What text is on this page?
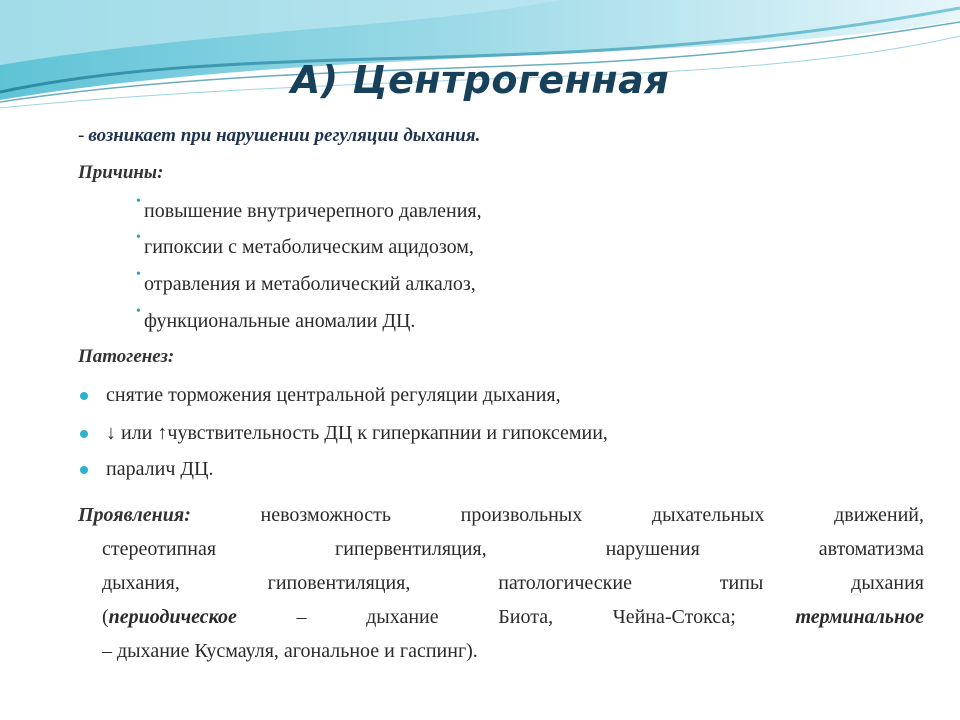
А) Центрогенная
- возникает при нарушении регуляции дыхания.
Причины:
• повышение внутричерепного давления,
• гипоксии с метаболическим ацидозом,
• отравления и метаболический алкалоз,
• функциональные аномалии ДЦ.
Патогенез:
снятие торможения центральной регуляции дыхания,
↓ или ↑чувствительность ДЦ к гиперкапнии и гипоксемии,
паралич ДЦ.
Проявления:	невозможность произвольных дыхательных движений,
стереотипная гипервентиляция, нарушения автоматизма
дыхания, гиповентиляция, патологические типы дыхания
(периодическое	– дыхание Биота, Чейна-Стокса;	терминальное
– дыхание Кусмауля, агональное и гаспинг).
